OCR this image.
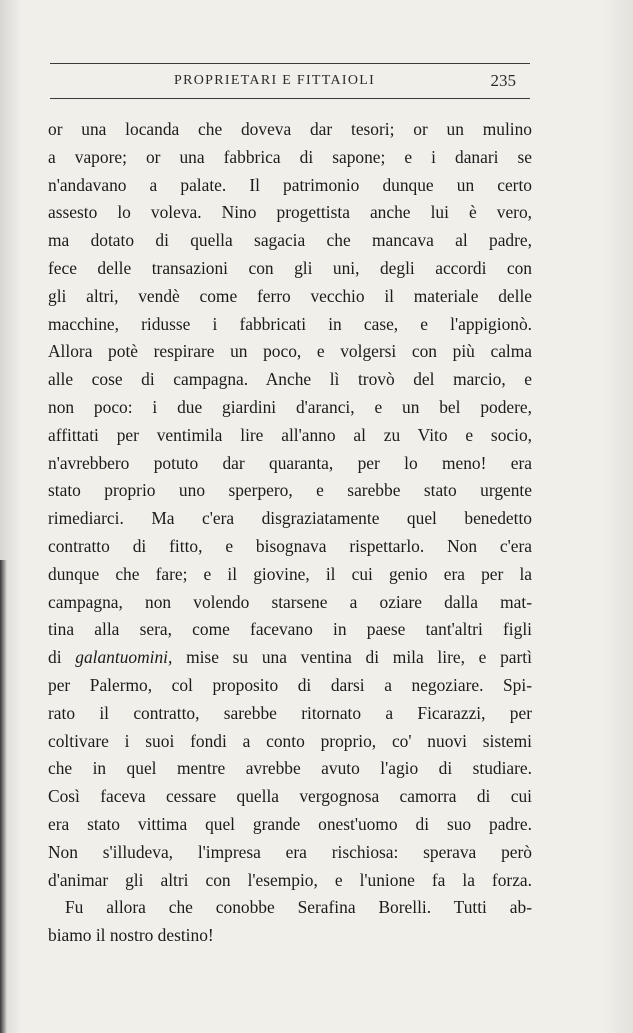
PROPRIETARI E FITTAIOLI	235
or una locanda che doveva dar tesori; or un mulino
a vapore; or una fabbrica di sapone; e i danari se
n'andavano a palate. Il patrimonio dunque un certo
assesto lo voleva. Nino progettista anche lui è vero,
ma dotato di quella sagacia che mancava al padre,
fece delle transazioni con gli uni, degli accordi con
gli altri, vendè come ferro vecchio il materiale delle
macchine, ridusse i fabbricati in case, e l'appigionò.
Allora potè respirare un poco, e volgersi con più calma
alle cose di campagna. Anche lì trovò del marcio, e
non poco: i due giardini d'aranci, e un bel podere,
affittati per ventimila lire all'anno al zu Vito e socio,
n'avrebbero potuto dar quaranta, per lo meno! era
stato proprio uno sperpero, e sarebbe stato urgente
rimediarci. Ma c'era disgraziatamente quel benedetto
contratto di fitto, e bisognava rispettarlo. Non c'era
dunque che fare; e il giovine, il cui genio era per la
campagna, non volendo starsene a oziare dalla mat-
tina alla sera, come facevano in paese tant'altri figli
di galantuomini, mise su una ventina di mila lire, e partì
per Palermo, col proposito di darsi a negoziare. Spi-
rato il contratto, sarebbe ritornato a Ficarazzi, per
coltivare i suoi fondi a conto proprio, co' nuovi sistemi
che in quel mentre avrebbe avuto l'agio di studiare.
Così faceva cessare quella vergognosa camorra di cui
era stato vittima quel grande onest'uomo di suo padre.
Non s'illudeva, l'impresa era rischiosa: sperava però
d'animar gli altri con l'esempio, e l'unione fa la forza.
Fu allora che conobbe Serafina Borelli. Tutti ab-
biamo il nostro destino!
